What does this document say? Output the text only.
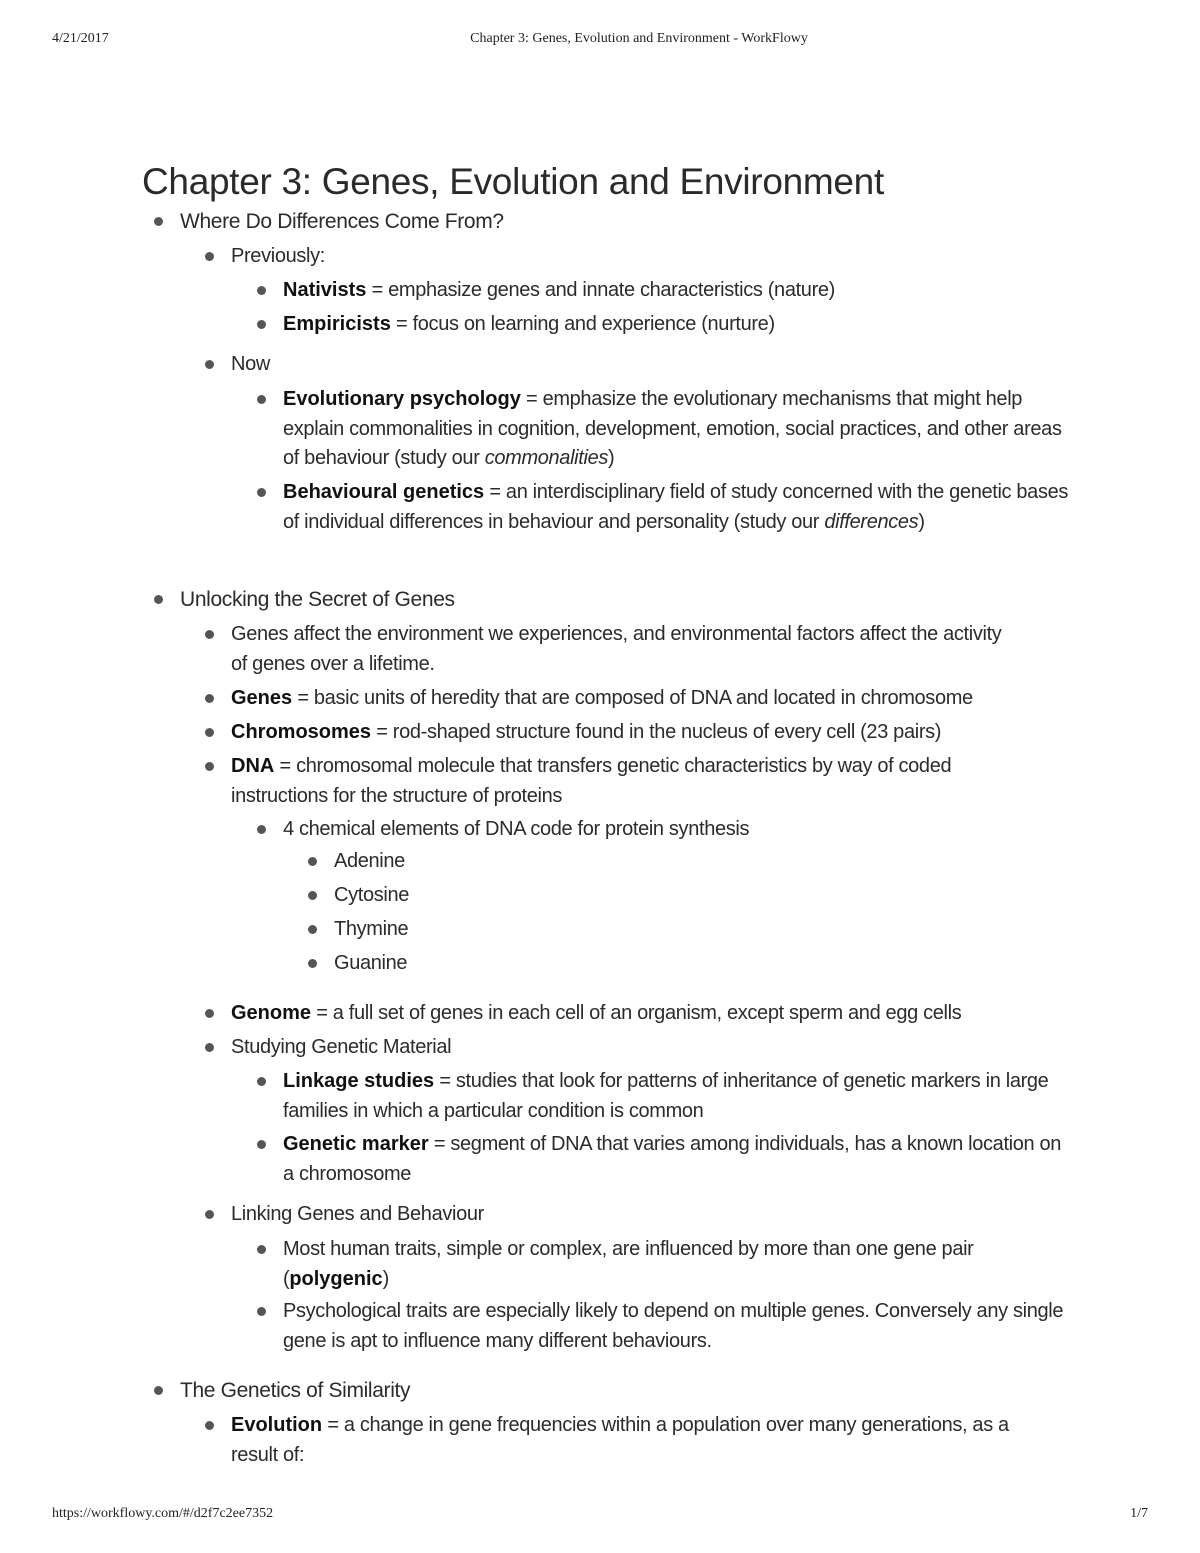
4/21/2017	Chapter 3: Genes, Evolution and Environment - WorkFlowy
Chapter 3: Genes, Evolution and Environment
Where Do Differences Come From?
Previously:
Nativists = emphasize genes and innate characteristics (nature)
Empiricists = focus on learning and experience (nurture)
Now
Evolutionary psychology = emphasize the evolutionary mechanisms that might help explain commonalities in cognition, development, emotion, social practices, and other areas of behaviour (study our commonalities)
Behavioural genetics = an interdisciplinary field of study concerned with the genetic bases of individual differences in behaviour and personality (study our differences)
Unlocking the Secret of Genes
Genes affect the environment we experiences, and environmental factors affect the activity of genes over a lifetime.
Genes = basic units of heredity that are composed of DNA and located in chromosome
Chromosomes = rod-shaped structure found in the nucleus of every cell (23 pairs)
DNA = chromosomal molecule that transfers genetic characteristics by way of coded instructions for the structure of proteins
4 chemical elements of DNA code for protein synthesis
Adenine
Cytosine
Thymine
Guanine
Genome = a full set of genes in each cell of an organism, except sperm and egg cells
Studying Genetic Material
Linkage studies = studies that look for patterns of inheritance of genetic markers in large families in which a particular condition is common
Genetic marker = segment of DNA that varies among individuals, has a known location on a chromosome
Linking Genes and Behaviour
Most human traits, simple or complex, are influenced by more than one gene pair (polygenic)
Psychological traits are especially likely to depend on multiple genes. Conversely any single gene is apt to influence many different behaviours.
The Genetics of Similarity
Evolution = a change in gene frequencies within a population over many generations, as a result of:
https://workflowy.com/#/d2f7c2ee7352	1/7
